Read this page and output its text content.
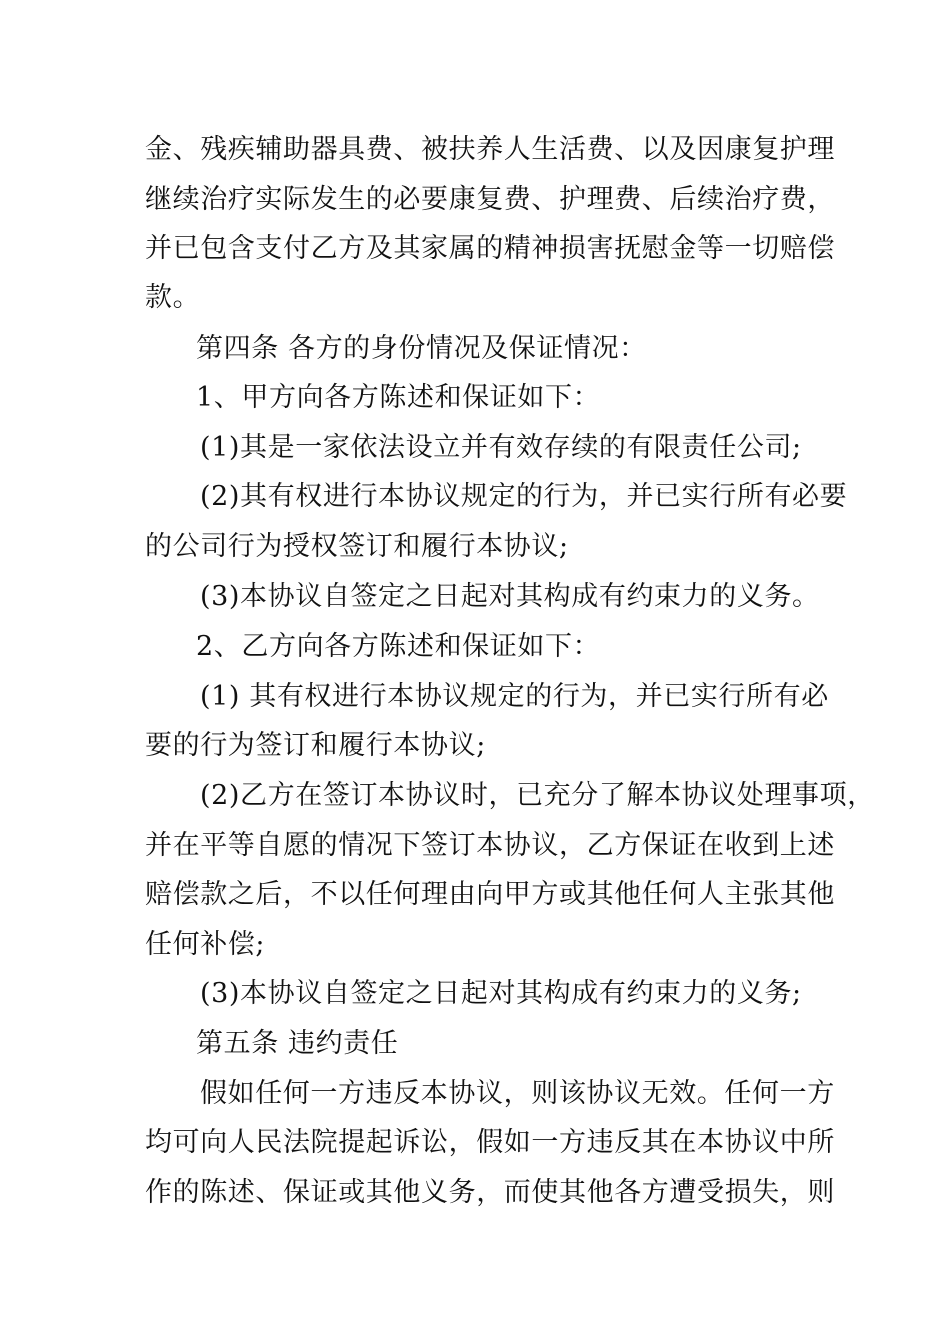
金、残疾辅助器具费、被扶养人生活费、以及因康复护理
继续治疗实际发生的必要康复费、护理费、后续治疗费，
并已包含支付乙方及其家属的精神损害抚慰金等一切赔偿
款。
第四条 各方的身份情况及保证情况：
1、甲方向各方陈述和保证如下：
(1)其是一家依法设立并有效存续的有限责任公司;
(2)其有权进行本协议规定的行为，并已实行所有必要
的公司行为授权签订和履行本协议;
(3)本协议自签定之日起对其构成有约束力的义务。
2、乙方向各方陈述和保证如下：
(1) 其有权进行本协议规定的行为，并已实行所有必
要的行为签订和履行本协议;
(2)乙方在签订本协议时，已充分了解本协议处理事项，
并在平等自愿的情况下签订本协议，乙方保证在收到上述
赔偿款之后，不以任何理由向甲方或其他任何人主张其他
任何补偿;
(3)本协议自签定之日起对其构成有约束力的义务;
第五条 违约责任
假如任何一方违反本协议，则该协议无效。任何一方
均可向人民法院提起诉讼，假如一方违反其在本协议中所
作的陈述、保证或其他义务，而使其他各方遭受损失，则
